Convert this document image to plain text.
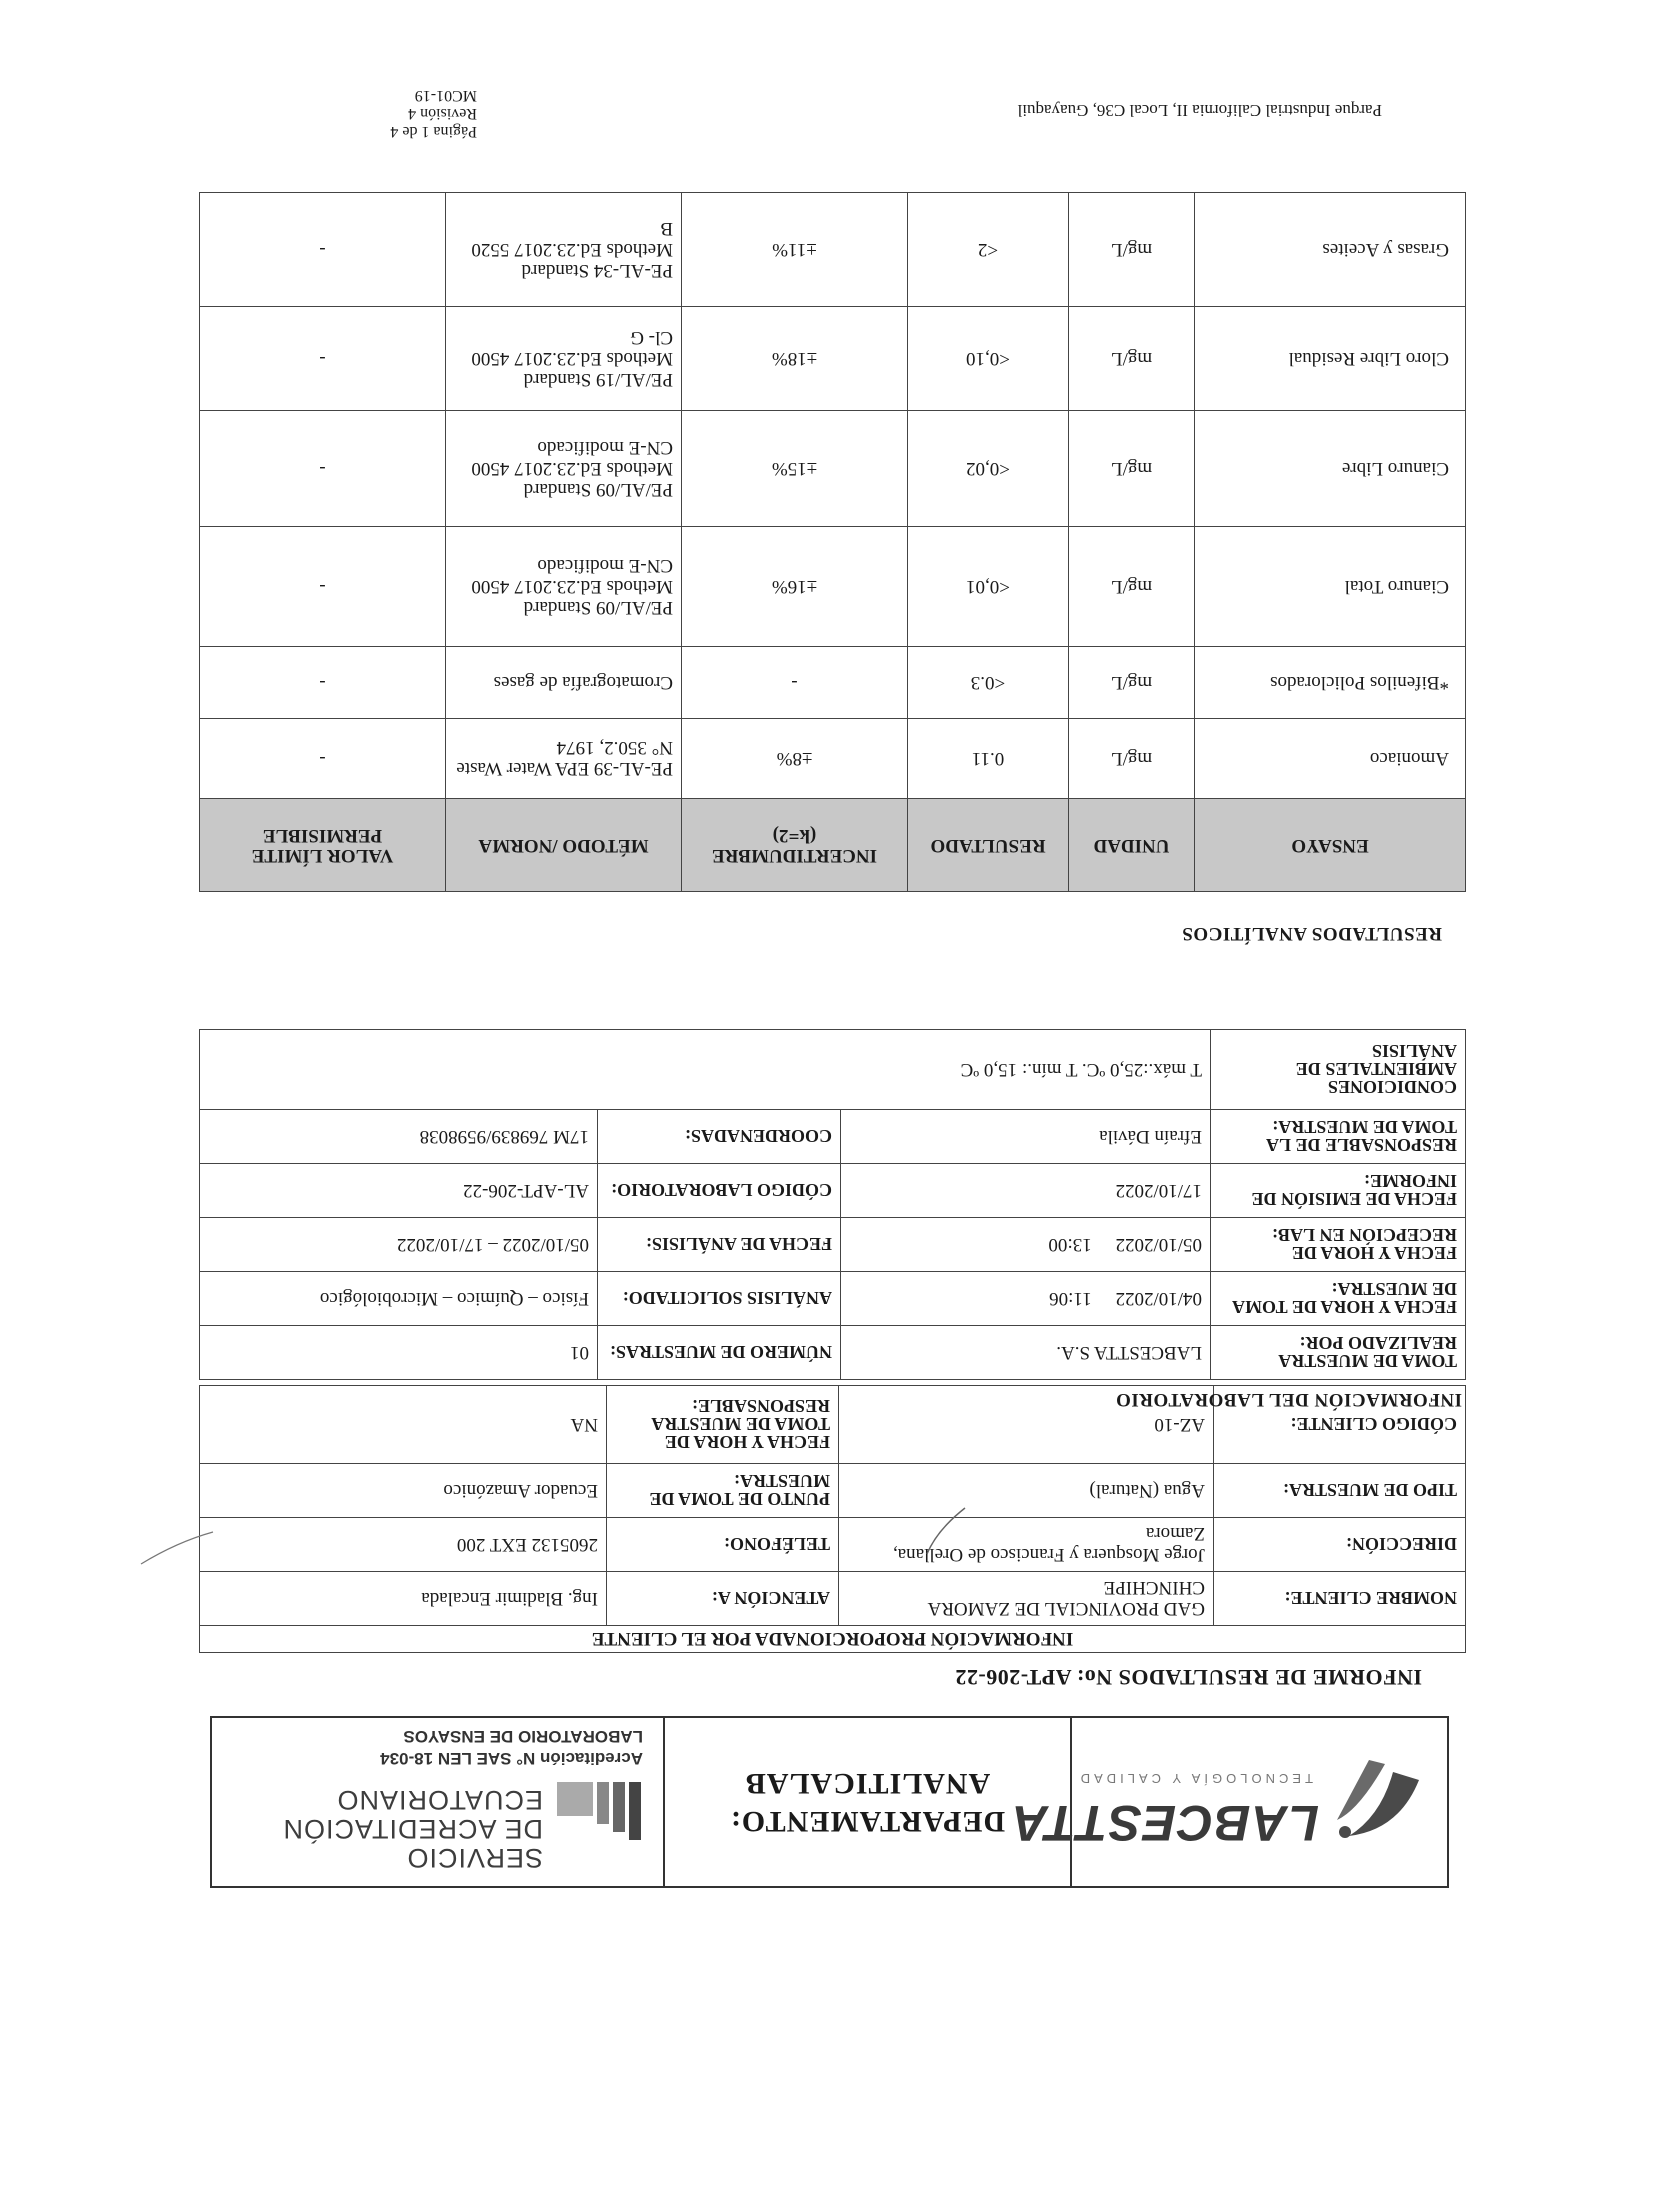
LABCESTTA
TECNOLOGÍA Y CALIDAD
DEPARTAMENTO:
ANALITICALAB
SERVICIO
DE ACREDITACIÓN
ECUATORIANO
Acreditación N° SAE LEN 18-034
LABORATORIO DE ENSAYOS
INFORME DE RESULTADOS No: APT-206-22
INFORMACIÓN PROPORCIONADA POR EL CLIENTE			
NOMBRE CLIENTE:	GAD PROVINCIAL DE ZAMORA CHINCHIPE	ATENCIÓN A:	Ing. Bladimir Encalada
DIRECCIÓN:	Jorge Mosquera y Francisco de Orellana, Zamora	TELÉFONO:	2605132 EXT 200
TIPO DE MUESTRA:	Agua (Natural)	PUNTO DE TOMA DE MUESTRA:	Ecuador Amazónico
CÓDIGO CLIENTE:	AZ-10	FECHA Y HORA DE TOMA DE MUESTRA RESPONSABLE:	NA
INFORMACIÓN DEL LABORATORIO
TOMA DE MUESTRA REALIZADO POR:	LABCESTTA S.A.	NÚMERO DE MUESTRAS:	01
FECHA Y HORA DE TOMA DE MUESTRA:	04/10/2022     11:06	ANÁLISIS SOLICITADO:	Físico – Químico – Microbiológico
FECHA Y HORA DE RECEPCIÓN EN LAB:	05/10/2022     13:00	FECHA DE ANÁLISIS:	05/10/2022 – 17/10/2022
FECHA DE EMISIÓN DE INFORME:	17/10/2022	CÓDIGO LABORATORIO:	AL-APT-206-22
RESPONSABLE DE LA TOMA DE MUESTRA:	Efraín Dávila	COORDENADAS:	17M 769839/9598038
CONDICIONES AMBIENTALES DE ANÁLISIS	T máx.:25,0 ºC. T mín.: 15,0 ºC		
RESULTADOS ANALÍTICOS
ENSAYO	UNIDAD	RESULTADO	INCERTIDUMBRE (k=2)	MÉTODO /NORMA	VALOR LÍMITE PERMISIBLE
Amoniaco	mg/L	0.11	±8%	PE-AL-39 EPA Water Waste N° 350.2, 1974	-
*Bifenilos Policlorados	mg/L	<0.3	-	Cromatografía de gases	-
Cianuro Total	mg/L	<0,01	±16%	PE/AL/09 Standard Methods Ed.23.2017 4500 CN-E modificado	-
Cianuro Libre	mg/L	<0,02	±15%	PE/AL/09 Standard Methods Ed.23.2017 4500 CN-E modificado	-
Cloro Libre Residual	mg/L	<0,10	±18%	PE/AL/19 Standard Methods Ed.23.2017 4500 Cl- G	-
Grasas y Aceites	mg/L	<2	±11%	PE-AL-34 Standard Methods Ed.23.2017 5520 B	-
Parque Industrial California II, Local C36, Guayaquil
Página 1 de 4
Revisión 4
MC01-19
